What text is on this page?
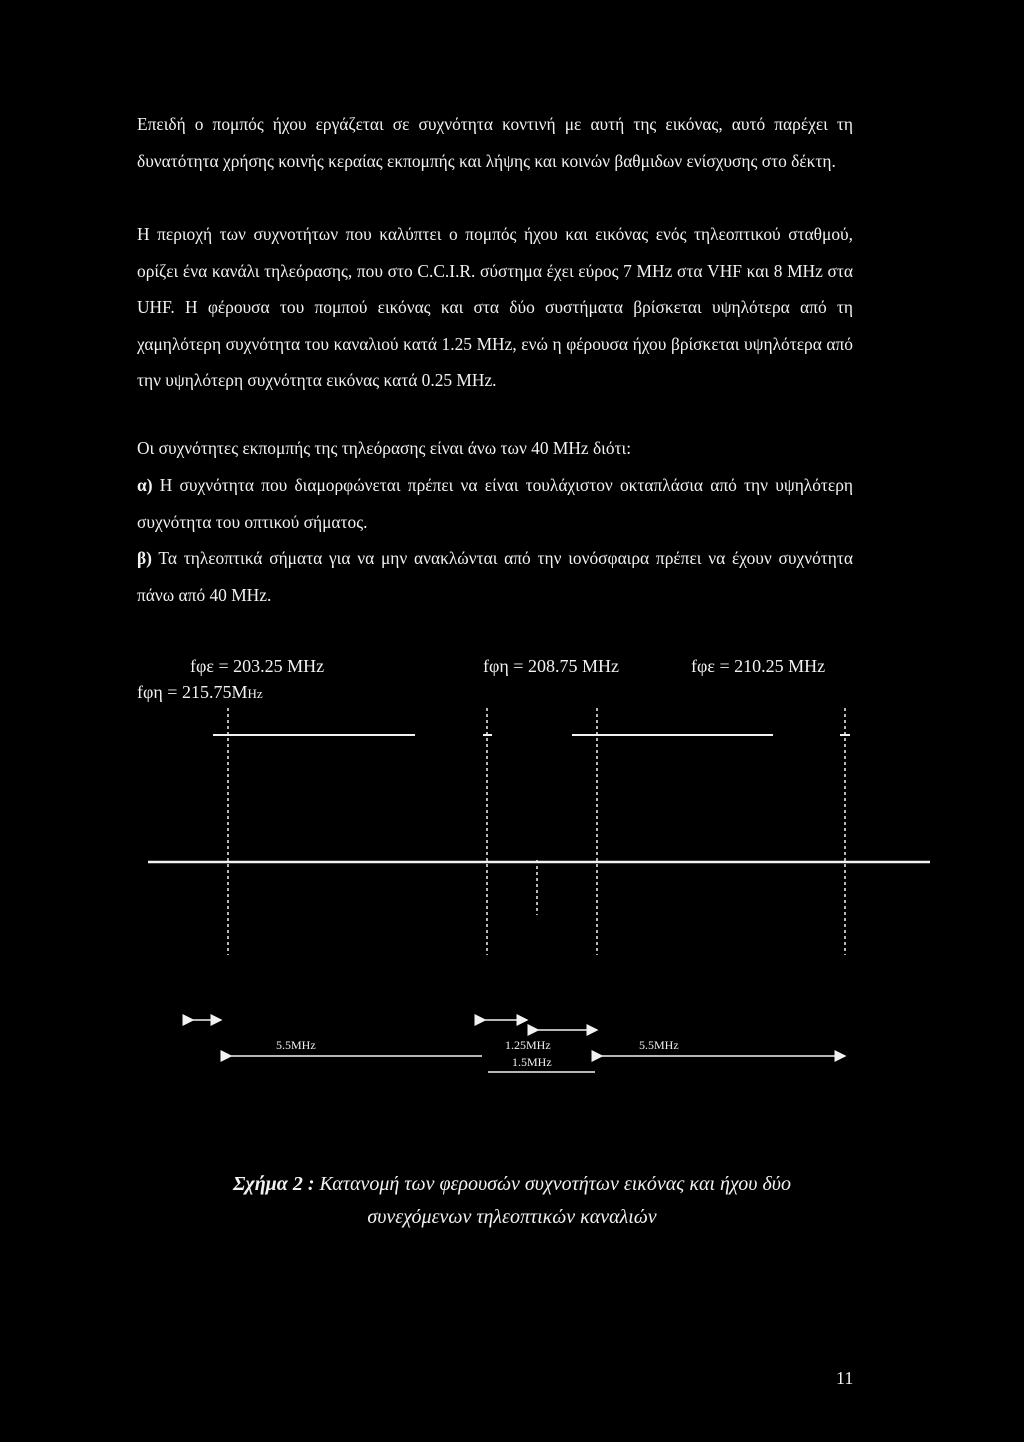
Επειδή ο πομπός ήχου εργάζεται σε συχνότητα κοντινή με αυτή της εικόνας, αυτό παρέχει τη δυνατότητα χρήσης κοινής κεραίας εκπομπής και λήψης και κοινών βαθμιδων ενίσχυσης στο δέκτη.

Η περιοχή των συχνοτήτων που καλύπτει ο πομπός ήχου και εικόνας ενός τηλεοπτικού σταθμού, ορίζει ένα κανάλι τηλεόρασης, που στο C.C.I.R. σύστημα έχει εύρος 7 MHz στα VHF και 8 MHz στα UHF. Η φέρουσα του πομπού εικόνας και στα δύο συστήματα βρίσκεται υψηλότερα από τη χαμηλότερη συχνότητα του καναλιού κατά 1.25 MHz, ενώ η φέρουσα ήχου βρίσκεται υψηλότερα από την υψηλότερη συχνότητα εικόνας κατά 0.25 MHz.

Οι συχνότητες εκπομπής της τηλεόρασης είναι άνω των 40 MHz διότι:

α) Η συχνότητα που διαμορφώνεται πρέπει να είναι τουλάχιστον οκταπλάσια από την υψηλότερη συχνότητα του οπτικού σήματος.

β) Τα τηλεοπτικά σήματα για να μην ανακλώνται από την ιονόσφαιρα πρέπει να έχουν συχνότητα πάνω από 40 MHz.

fφε = 203.25 MHz	fφη = 208.75 MHz	fφε = 210.25 MHz
fφη = 215.75MHz
5.5MHz	1.25MHz
1.5MHz
5.5MHz
Σχήμα 2 : Κατανομή των φερουσών συχνοτήτων εικόνας και ήχου δύο
συνεχόμενων τηλεοπτικών καναλιών
11
